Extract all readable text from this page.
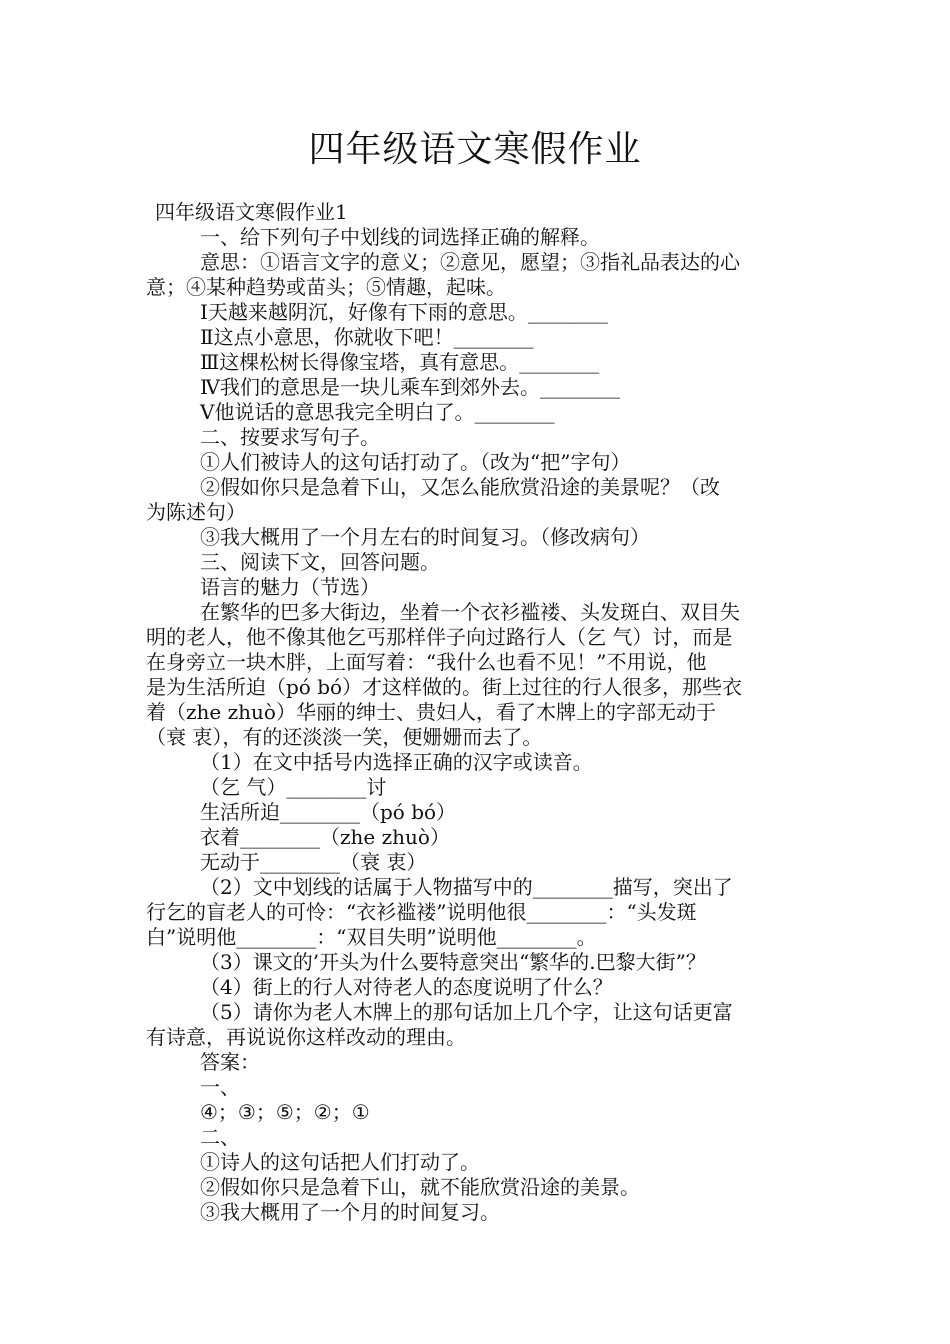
四年级语文寒假作业
四年级语文寒假作业1
一、给下列句子中划线的词选择正确的解释。
意思：①语言文字的意义；②意见，愿望；③指礼品表达的心
意；④某种趋势或苗头；⑤情趣，起味。
Ⅰ天越来越阴沉，好像有下雨的意思。________
Ⅱ这点小意思，你就收下吧！________
Ⅲ这棵松树长得像宝塔，真有意思。________
Ⅳ我们的意思是一块儿乘车到郊外去。________
Ⅴ他说话的意思我完全明白了。________
二、按要求写句子。
①人们被诗人的这句话打动了。（改为“把”字句）
②假如你只是急着下山，又怎么能欣赏沿途的美景呢？（改
为陈述句）
③我大概用了一个月左右的时间复习。（修改病句）
三、阅读下文，回答问题。
语言的魅力（节选）
在繁华的巴多大街边，坐着一个衣衫褴褛、头发斑白、双目失
明的老人，他不像其他乞丐那样伴子向过路行人（乞 气）讨，而是
在身旁立一块木胖，上面写着：“我什么也看不见！”不用说，他
是为生活所迫（pó bó）才这样做的。街上过往的行人很多，那些衣
着（zhe zhuò）华丽的绅士、贵妇人，看了木牌上的字部无动于
（衰 衷），有的还淡淡一笑，便姗姗而去了。
（1）在文中括号内选择正确的汉字或读音。
（乞 气）________讨
生活所迫________（pó bó）
衣着________（zhe zhuò）
无动于________（衰 衷）
（2）文中划线的话属于人物描写中的________描写，突出了
行乞的盲老人的可怜：“衣衫褴褛”说明他很________：“头发斑
白”说明他________：“双目失明”说明他________。
（3）课文的’开头为什么要特意突出“繁华的.巴黎大街”？
（4）街上的行人对待老人的态度说明了什么？
（5）请你为老人木牌上的那句话加上几个字，让这句话更富
有诗意，再说说你这样改动的理由。
答案：
一、
④；③；⑤；②；①
二、
①诗人的这句话把人们打动了。
②假如你只是急着下山，就不能欣赏沿途的美景。
③我大概用了一个月的时间复习。
